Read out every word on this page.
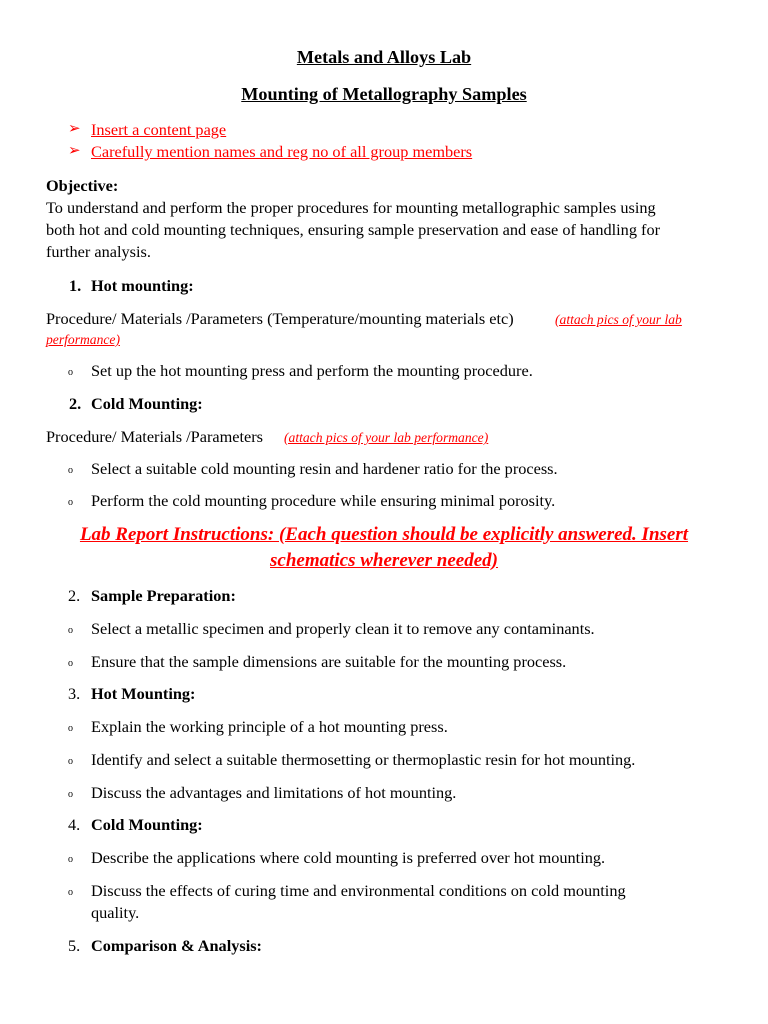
Metals and Alloys Lab
Mounting of Metallography Samples
➢ Insert a content page
➢ Carefully mention names and reg no of all group members
Objective:
To understand and perform the proper procedures for mounting metallographic samples using
both hot and cold mounting techniques, ensuring sample preservation and ease of handling for
further analysis.
1. Hot mounting:
Procedure/ Materials /Parameters (Temperature/mounting materials etc)	(attach pics of your lab
performance)
o Set up the hot mounting press and perform the mounting procedure.
2. Cold Mounting:
Procedure/ Materials /Parameters (attach pics of your lab performance)
o Select a suitable cold mounting resin and hardener ratio for the process.
o Perform the cold mounting procedure while ensuring minimal porosity.
Lab Report Instructions: (Each question should be explicitly answered. Insert
schematics wherever needed)
2. Sample Preparation:
o Select a metallic specimen and properly clean it to remove any contaminants.
o Ensure that the sample dimensions are suitable for the mounting process.
3. Hot Mounting:
o Explain the working principle of a hot mounting press.
o Identify and select a suitable thermosetting or thermoplastic resin for hot mounting.
o Discuss the advantages and limitations of hot mounting.
4. Cold Mounting:
o Describe the applications where cold mounting is preferred over hot mounting.
o Discuss the effects of curing time and environmental conditions on cold mounting
quality.
5. Comparison & Analysis:
